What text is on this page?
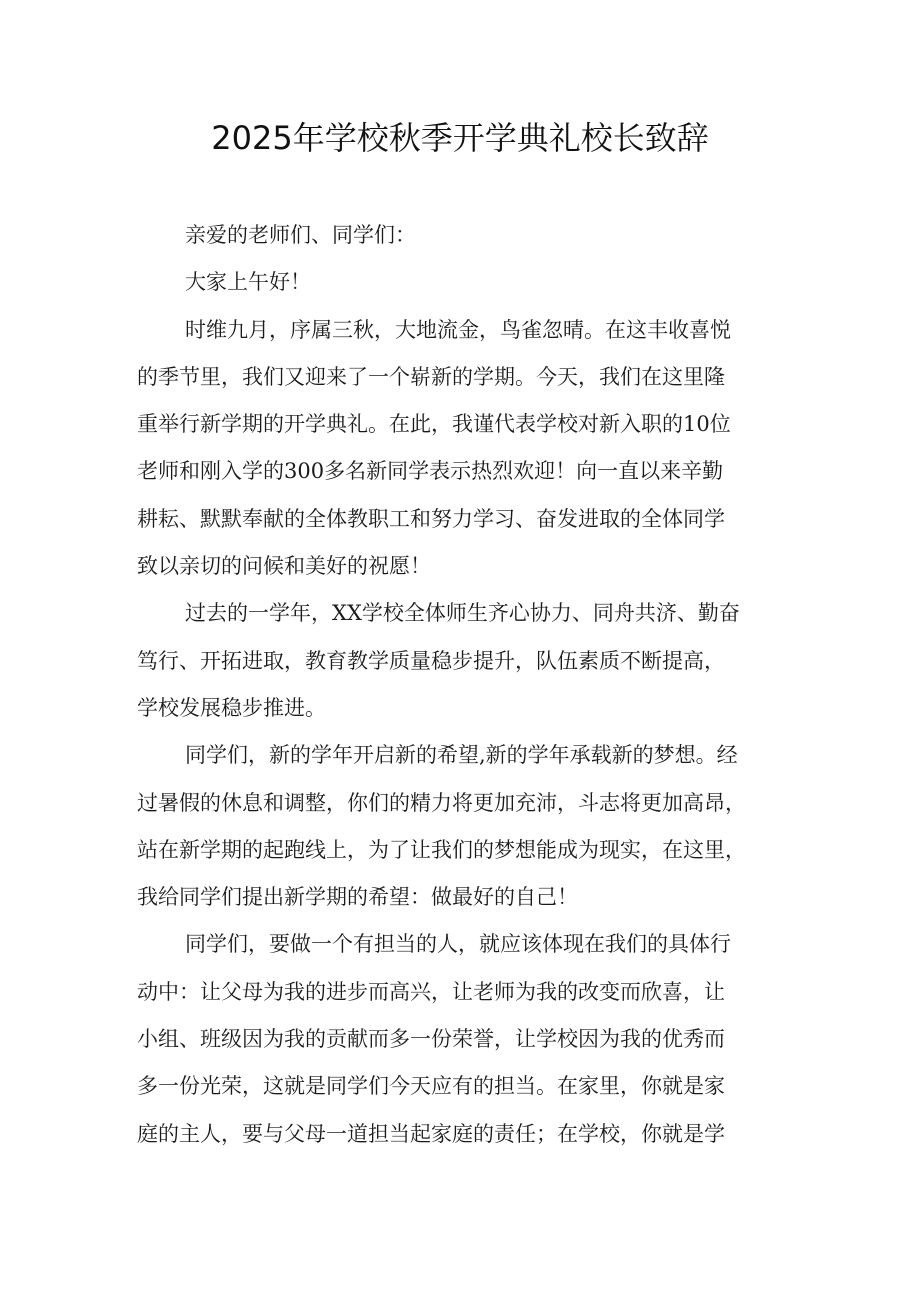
2025年学校秋季开学典礼校长致辞

亲爱的老师们、同学们：

大家上午好！

时维九月，序属三秋，大地流金，鸟雀忽晴。在这丰收喜悦
的季节里，我们又迎来了一个崭新的学期。今天，我们在这里隆
重举行新学期的开学典礼。在此，我谨代表学校对新入职的10位
老师和刚入学的300多名新同学表示热烈欢迎！向一直以来辛勤
耕耘、默默奉献的全体教职工和努力学习、奋发进取的全体同学
致以亲切的问候和美好的祝愿！

过去的一学年，XX学校全体师生齐心协力、同舟共济、勤奋
笃行、开拓进取，教育教学质量稳步提升，队伍素质不断提高，
学校发展稳步推进。

同学们，新的学年开启新的希望,新的学年承载新的梦想。经
过暑假的休息和调整，你们的精力将更加充沛，斗志将更加高昂，
站在新学期的起跑线上，为了让我们的梦想能成为现实，在这里，
我给同学们提出新学期的希望：做最好的自己！

同学们，要做一个有担当的人，就应该体现在我们的具体行
动中：让父母为我的进步而高兴，让老师为我的改变而欣喜，让
小组、班级因为我的贡献而多一份荣誉，让学校因为我的优秀而
多一份光荣，这就是同学们今天应有的担当。在家里，你就是家
庭的主人，要与父母一道担当起家庭的责任；在学校，你就是学
